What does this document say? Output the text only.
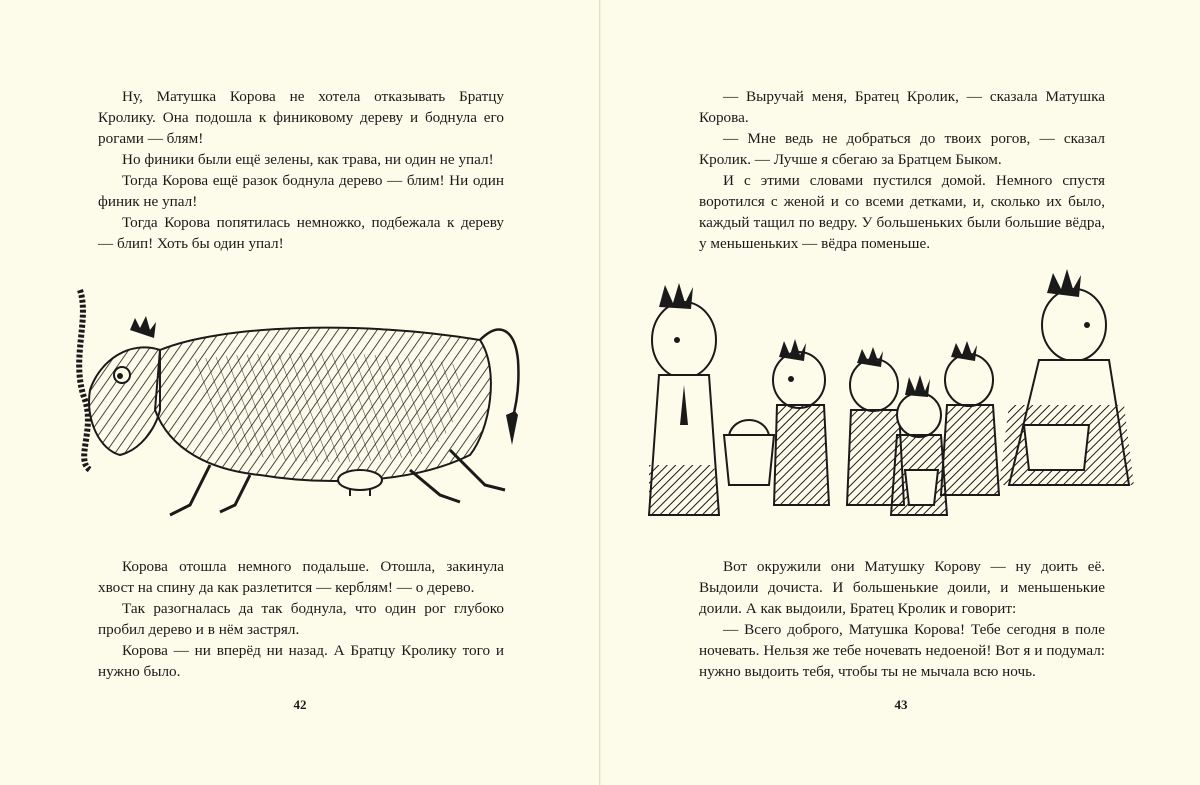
Ну, Матушка Корова не хотела отказывать Братцу Кролику. Она подошла к финиковому дереву и боднула его рогами — блям!

Но финики были ещё зелены, как трава, ни один не упал!

Тогда Корова ещё разок боднула дерево — блим! Ни один финик не упал!

Тогда Корова попятилась немножко, подбежала к дереву — блип! Хоть бы один упал!

Корова отошла немного подальше. Отошла, закинула хвост на спину да как разлетится — керблям! — о дерево.

Так разогналась да так боднула, что один рог глубоко пробил дерево и в нём застрял.

Корова — ни вперёд ни назад. А Братцу Кролику того и нужно было.

42

— Выручай меня, Братец Кролик, — сказала Матушка Корова.

— Мне ведь не добраться до твоих рогов, — сказал Кролик. — Лучше я сбегаю за Братцем Быком.

И с этими словами пустился домой. Немного спустя воротился с женой и со всеми детками, и, сколько их было, каждый тащил по ведру. У большеньких были большие вёдра, у меньшеньких — вёдра поменьше.

Вот окружили они Матушку Корову — ну доить её. Выдоили дочиста. И большенькие доили, и меньшенькие доили. А как выдоили, Братец Кролик и говорит:

— Всего доброго, Матушка Корова! Тебе сегодня в поле ночевать. Нельзя же тебе ночевать недоеной! Вот я и подумал: нужно выдоить тебя, чтобы ты не мычала всю ночь.

43
